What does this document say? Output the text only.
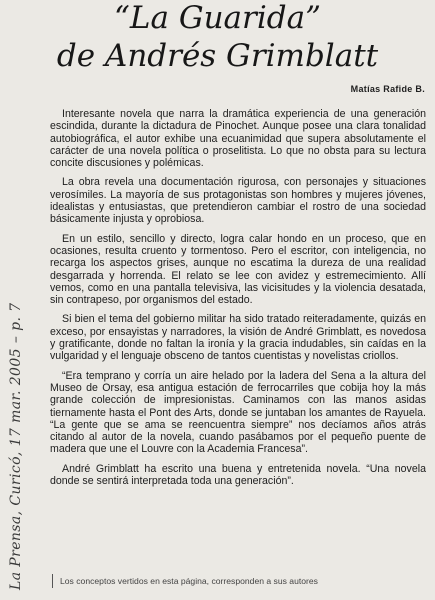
“La Guarida”
de Andrés Grimblatt
Matías Rafide B.
La Prensa, Curicó, 17 mar. 2005 – p. 7

Interesante novela que narra la dramática experiencia de una generación escindida, durante la dictadura de Pinochet. Aunque posee una clara tonalidad autobiográfica, el autor exhibe una ecuanimidad que supera absolutamente el carácter de una novela política o proselitista. Lo que no obsta para su lectura concite discusiones y polémicas.

La obra revela una documentación rigurosa, con personajes y situaciones verosímiles. La mayoría de sus protagonistas son hombres y mujeres jóvenes, idealistas y entusiastas, que pretendieron cambiar el rostro de una sociedad básicamente injusta y oprobiosa.

En un estilo, sencillo y directo, logra calar hondo en un proceso, que en ocasiones, resulta cruento y tormentoso. Pero el escritor, con inteligencia, no recarga los aspectos grises, aunque no escatima la dureza de una realidad desgarrada y horrenda. El relato se lee con avidez y estremecimiento. Allí vemos, como en una pantalla televisiva, las vicisitudes y la violencia desatada, sin contrapeso, por organismos del estado.

Si bien el tema del gobierno militar ha sido tratado reiteradamente, quizás en exceso, por ensayistas y narradores, la visión de André Grimblatt, es novedosa y gratificante, donde no faltan la ironía y la gracia indudables, sin caídas en la vulgaridad y el lenguaje obsceno de tantos cuentistas y novelistas criollos.

“Era temprano y corría un aire helado por la ladera del Sena a la altura del Museo de Orsay, esa antigua estación de ferrocarriles que cobija hoy la más grande colección de impresionistas. Caminamos con las manos asidas tiernamente hasta el Pont des Arts, donde se juntaban los amantes de Rayuela. “La gente que se ama se reencuentra siempre” nos decíamos años atrás citando al autor de la novela, cuando pasábamos por el pequeño puente de madera que une el Louvre con la Academia Francesa”.

André Grimblatt ha escrito una buena y entretenida novela. “Una novela donde se sentirá interpretada toda una generación”.

Los conceptos vertidos en esta página, corresponden a sus autores
